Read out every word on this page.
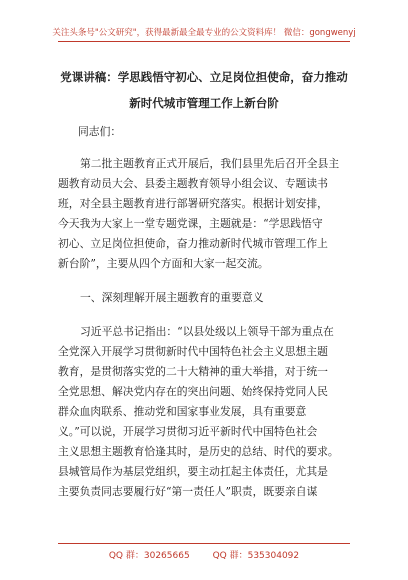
关注头条号"公文研究"，获得最新最全最专业的公文资料库！ 微信：gongwenyj
党课讲稿：学思践悟守初心、立足岗位担使命，奋力推动
新时代城市管理工作上新台阶
同志们：
第二批主题教育正式开展后，我们县里先后召开全县主
题教育动员大会、县委主题教育领导小组会议、专题读书
班，对全县主题教育进行部署研究落实。根据计划安排，
今天我为大家上一堂专题党课，主题就是：“学思践悟守
初心、立足岗位担使命，奋力推动新时代城市管理工作上
新台阶”，主要从四个方面和大家一起交流。
一、深刻理解开展主题教育的重要意义
习近平总书记指出：“以县处级以上领导干部为重点在
全党深入开展学习贯彻新时代中国特色社会主义思想主题
教育，是贯彻落实党的二十大精神的重大举措，对于统一
全党思想、解决党内存在的突出问题、始终保持党同人民
群众血肉联系、推动党和国家事业发展，具有重要意
义。”可以说，开展学习贯彻习近平新时代中国特色社会
主义思想主题教育恰逢其时，是历史的总结、时代的要求。
县城管局作为基层党组织，要主动扛起主体责任，尤其是
主要负责同志要履行好“第一责任人”职责，既要亲自谋
QQ 群：30265665	QQ 群：535304092
